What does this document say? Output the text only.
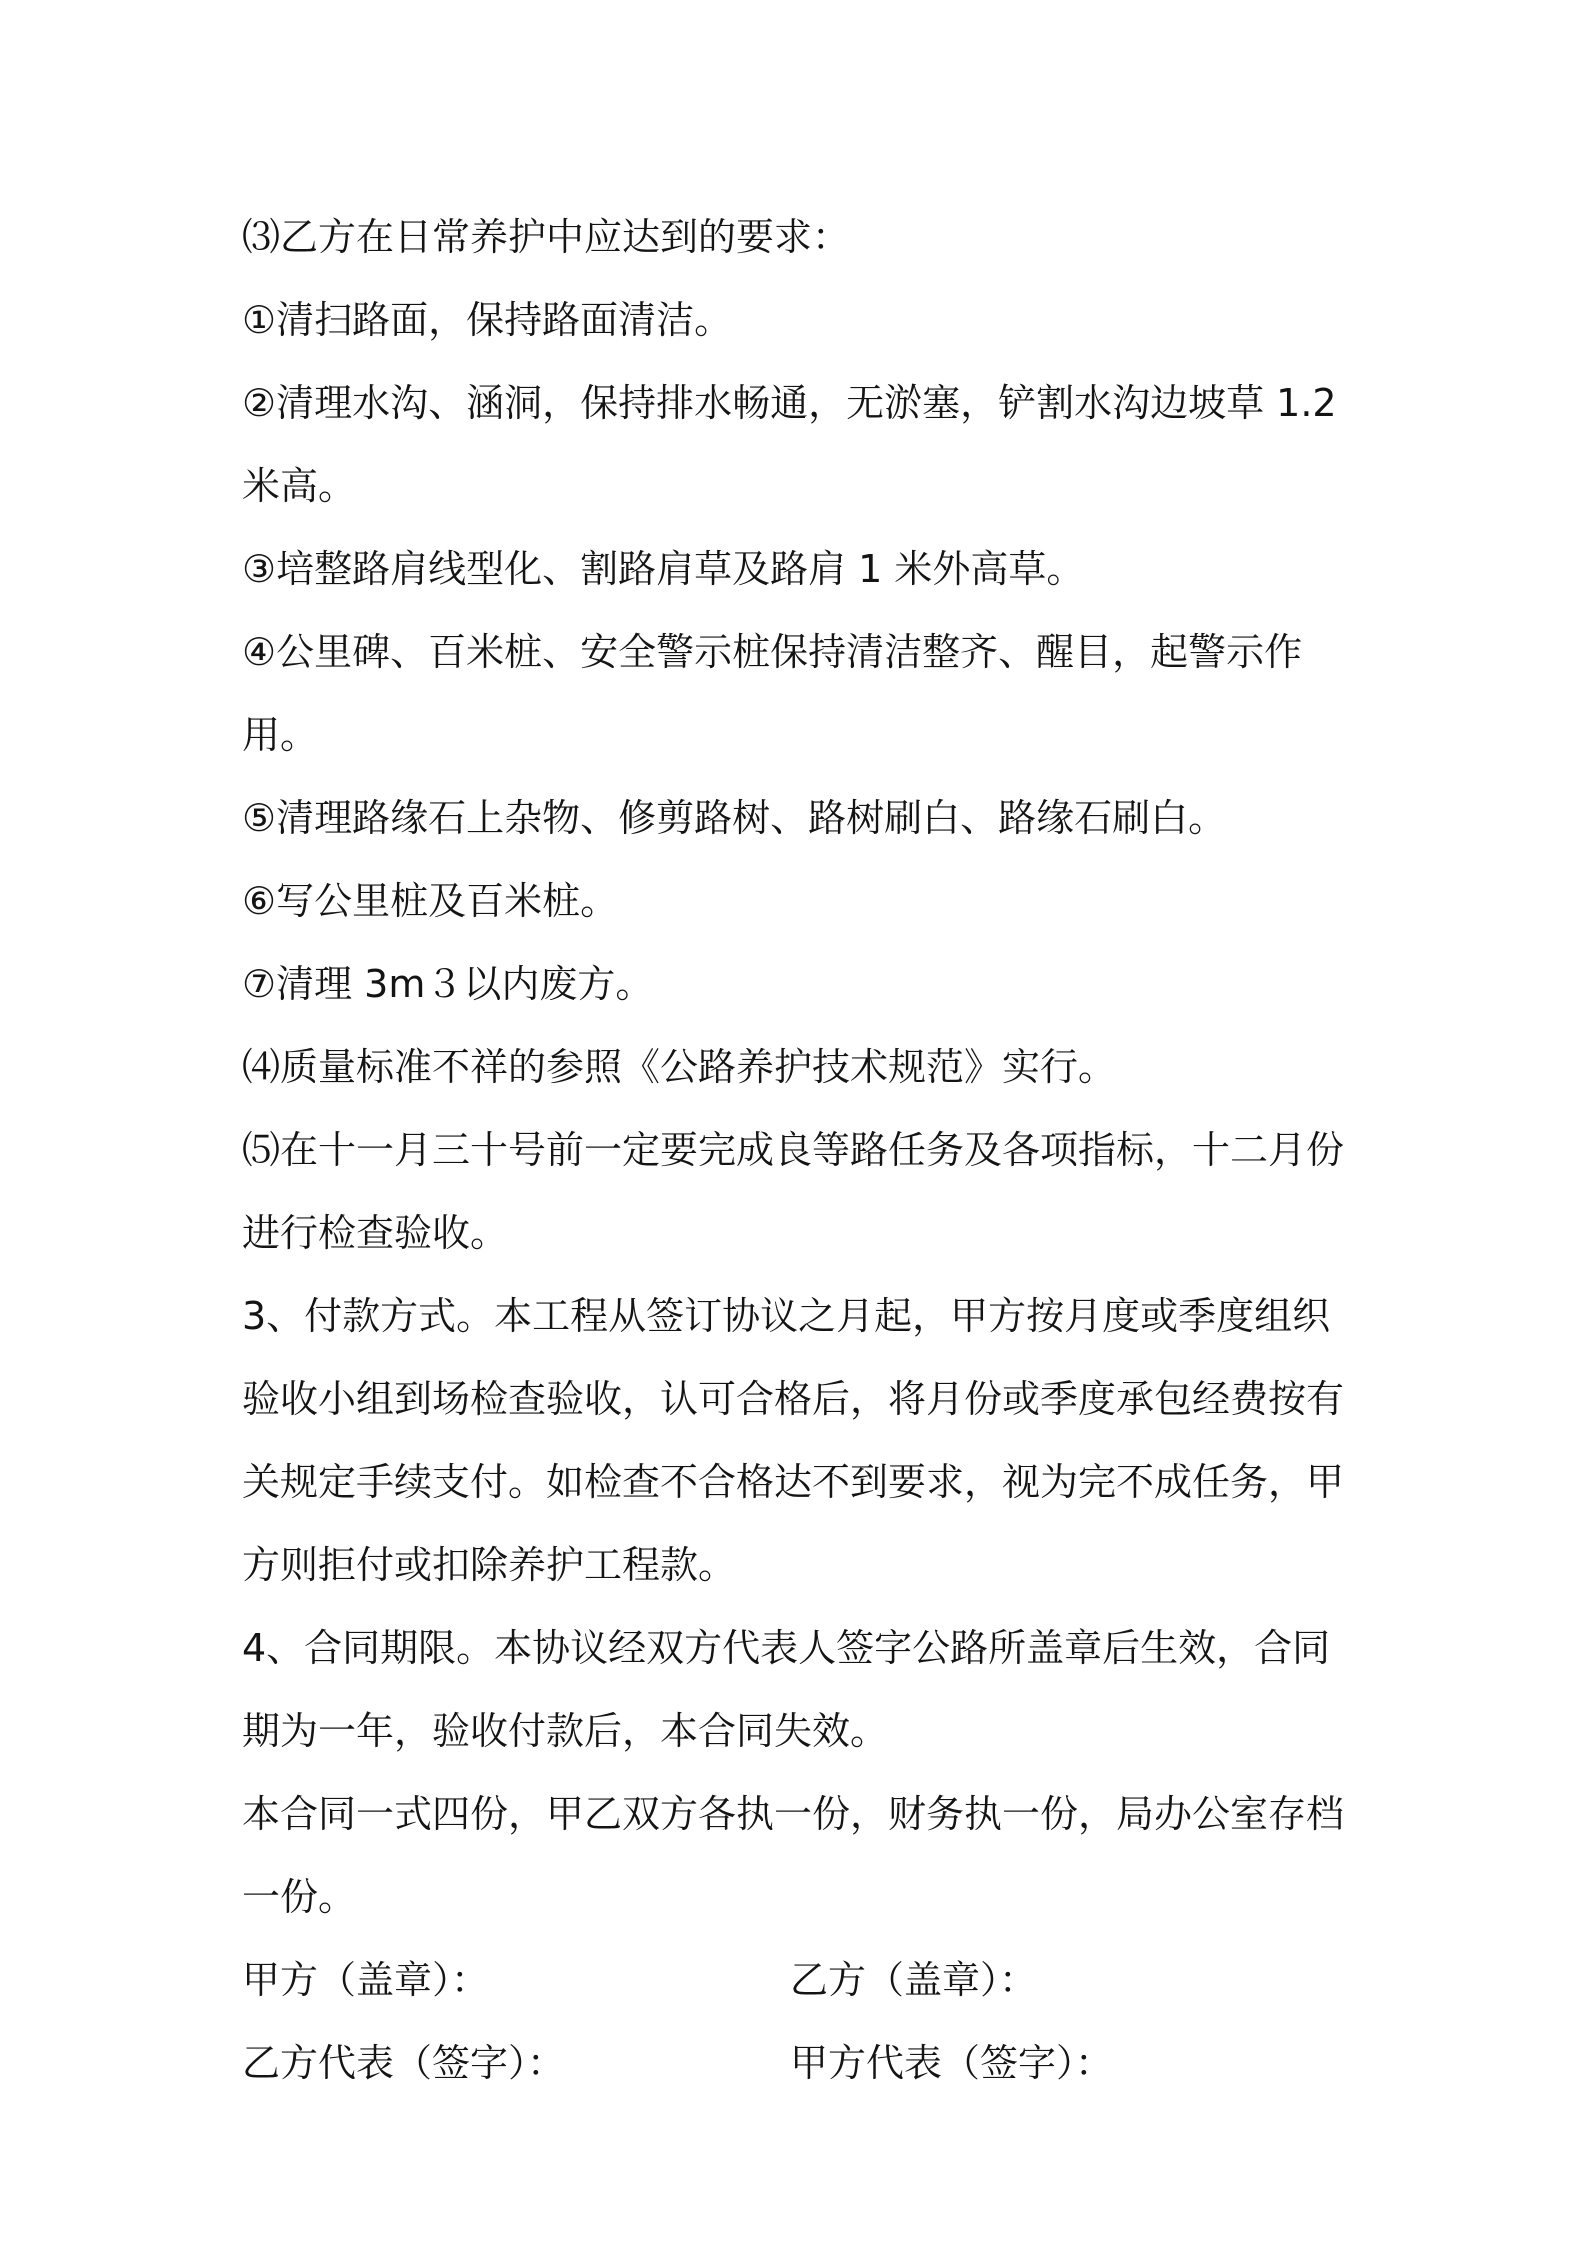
⑶乙方在日常养护中应达到的要求：

①清扫路面，保持路面清洁。

②清理水沟、涵洞，保持排水畅通，无淤塞，铲割水沟边坡草 1.2 米高。

③培整路肩线型化、割路肩草及路肩 1 米外高草。

④公里碑、百米桩、安全警示桩保持清洁整齐、醒目，起警示作用。

⑤清理路缘石上杂物、修剪路树、路树刷白、路缘石刷白。

⑥写公里桩及百米桩。

⑦清理 3m３以内废方。

⑷质量标准不祥的参照《公路养护技术规范》实行。

⑸在十一月三十号前一定要完成良等路任务及各项指标，十二月份进行检查验收。

3、付款方式。本工程从签订协议之月起，甲方按月度或季度组织验收小组到场检查验收，认可合格后，将月份或季度承包经费按有关规定手续支付。如检查不合格达不到要求，视为完不成任务，甲方则拒付或扣除养护工程款。

4、合同期限。本协议经双方代表人签字公路所盖章后生效，合同期为一年，验收付款后，本合同失效。

本合同一式四份，甲乙双方各执一份，财务执一份，局办公室存档一份。

甲方（盖章）：	乙方（盖章）：
乙方代表（签字）：	甲方代表（签字）：
